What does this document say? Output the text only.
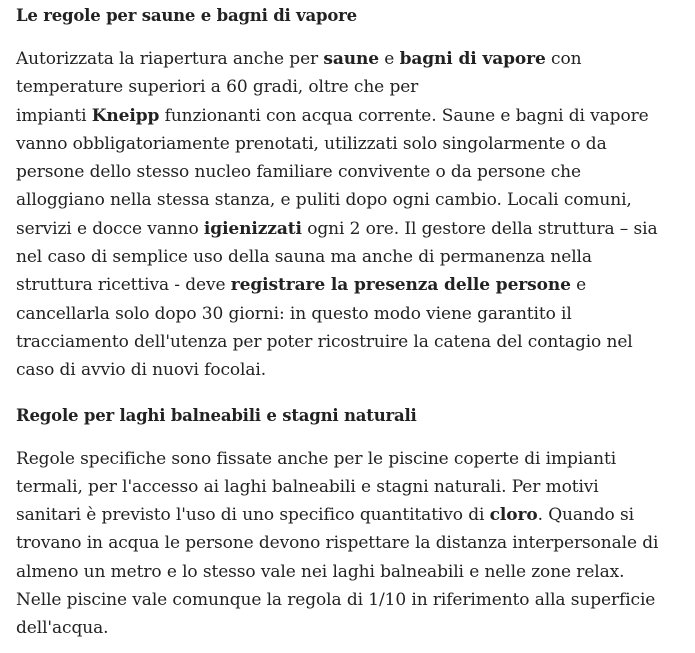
Le regole per saune e bagni di vapore

Autorizzata la riapertura anche per saune e bagni di vapore con
temperature superiori a 60 gradi, oltre che per
impianti Kneipp funzionanti con acqua corrente. Saune e bagni di vapore
vanno obbligatoriamente prenotati, utilizzati solo singolarmente o da
persone dello stesso nucleo familiare convivente o da persone che
alloggiano nella stessa stanza, e puliti dopo ogni cambio. Locali comuni,
servizi e docce vanno igienizzati ogni 2 ore. Il gestore della struttura – sia
nel caso di semplice uso della sauna ma anche di permanenza nella
struttura ricettiva - deve registrare la presenza delle persone e
cancellarla solo dopo 30 giorni: in questo modo viene garantito il
tracciamento dell'utenza per poter ricostruire la catena del contagio nel
caso di avvio di nuovi focolai.

Regole per laghi balneabili e stagni naturali

Regole specifiche sono fissate anche per le piscine coperte di impianti
termali, per l'accesso ai laghi balneabili e stagni naturali. Per motivi
sanitari è previsto l'uso di uno specifico quantitativo di cloro. Quando si
trovano in acqua le persone devono rispettare la distanza interpersonale di
almeno un metro e lo stesso vale nei laghi balneabili e nelle zone relax.
Nelle piscine vale comunque la regola di 1/10 in riferimento alla superficie
dell'acqua.
